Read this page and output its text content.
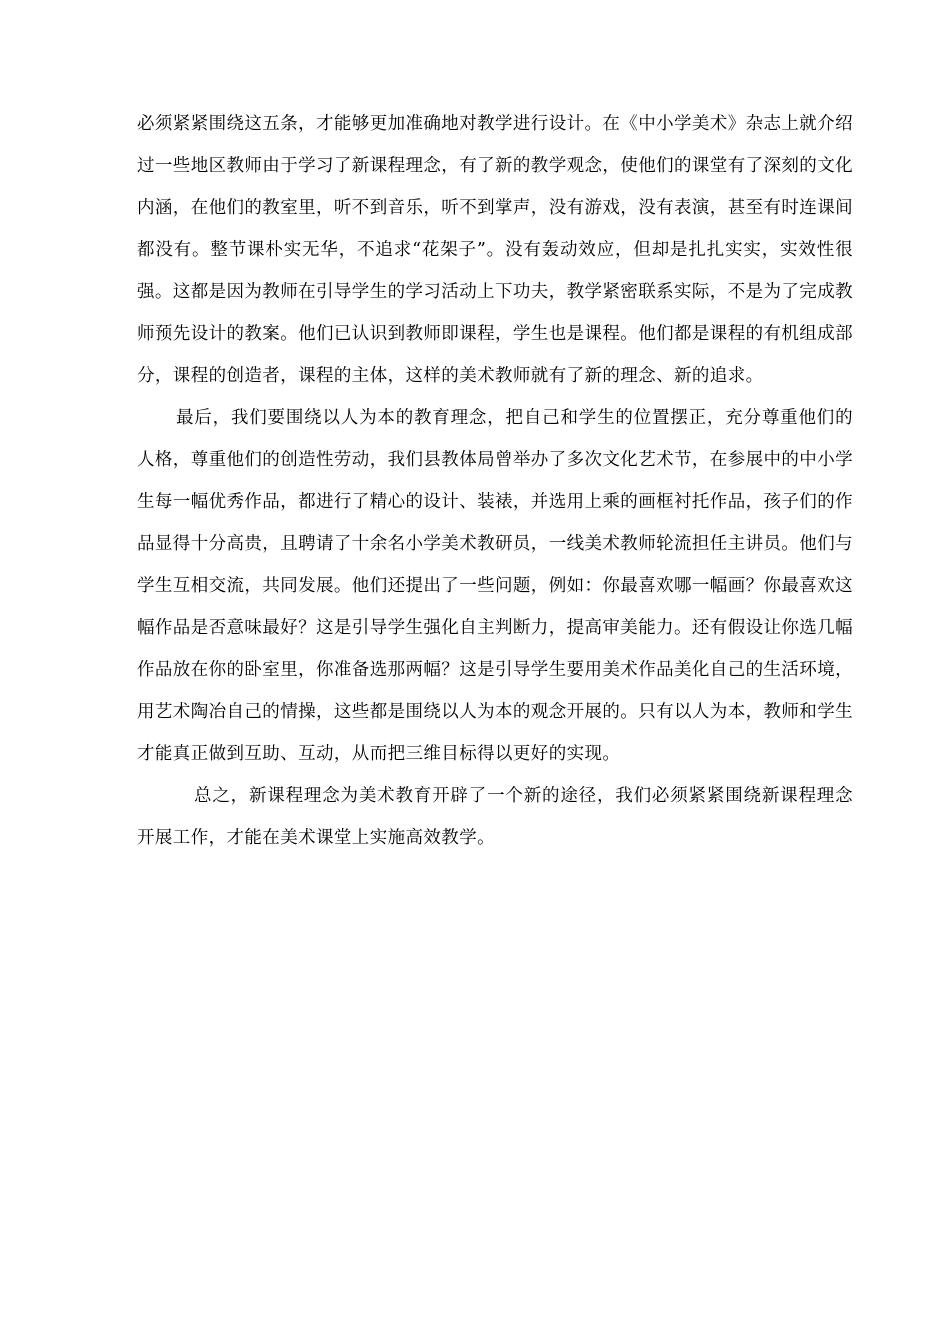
必须紧紧围绕这五条，才能够更加准确地对教学进行设计。在《中小学美术》杂志上就介绍过一些地区教师由于学习了新课程理念，有了新的教学观念，使他们的课堂有了深刻的文化内涵，在他们的教室里，听不到音乐，听不到掌声，没有游戏，没有表演，甚至有时连课间都没有。整节课朴实无华，不追求“花架子”。没有轰动效应，但却是扎扎实实，实效性很强。这都是因为教师在引导学生的学习活动上下功夫，教学紧密联系实际，不是为了完成教师预先设计的教案。他们已认识到教师即课程，学生也是课程。他们都是课程的有机组成部分，课程的创造者，课程的主体，这样的美术教师就有了新的理念、新的追求。

最后，我们要围绕以人为本的教育理念，把自己和学生的位置摆正，充分尊重他们的人格，尊重他们的创造性劳动，我们县教体局曾举办了多次文化艺术节，在参展中的中小学生每一幅优秀作品，都进行了精心的设计、装裱，并选用上乘的画框衬托作品，孩子们的作品显得十分高贵，且聘请了十余名小学美术教研员，一线美术教师轮流担任主讲员。他们与学生互相交流，共同发展。他们还提出了一些问题，例如：你最喜欢哪一幅画？你最喜欢这幅作品是否意味最好？这是引导学生强化自主判断力，提高审美能力。还有假设让你选几幅作品放在你的卧室里，你准备选那两幅？这是引导学生要用美术作品美化自己的生活环境，用艺术陶冶自己的情操，这些都是围绕以人为本的观念开展的。只有以人为本，教师和学生才能真正做到互助、互动，从而把三维目标得以更好的实现。

总之，新课程理念为美术教育开辟了一个新的途径，我们必须紧紧围绕新课程理念开展工作，才能在美术课堂上实施高效教学。
